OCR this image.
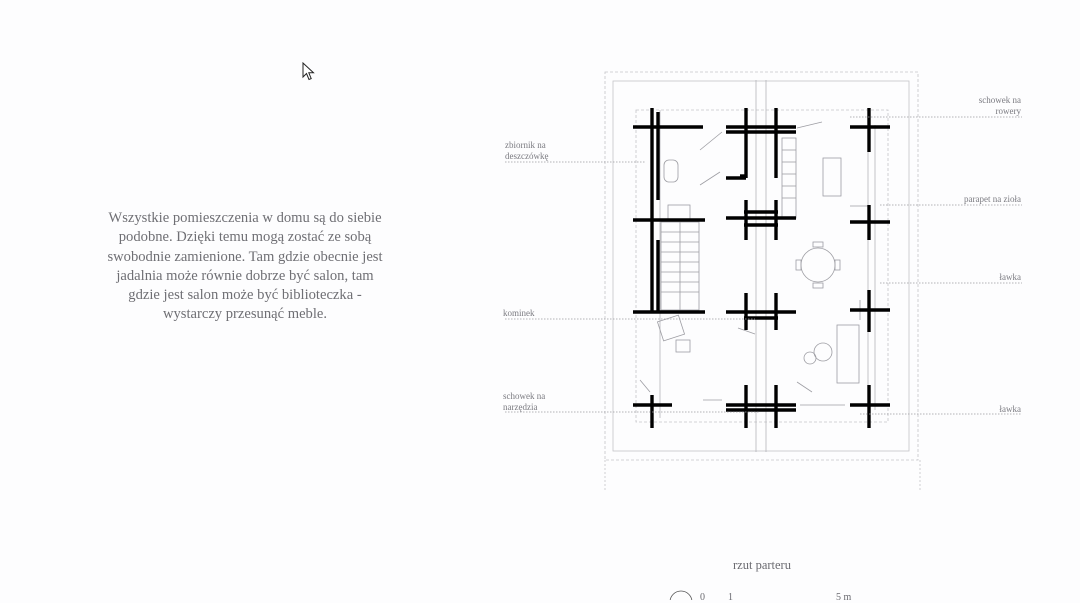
Wszystkie pomieszczenia w domu są do siebie podobne. Dzięki temu mogą zostać ze sobą swobodnie zamienione. Tam gdzie obecnie jest jadalnia może równie dobrze być salon, tam gdzie jest salon może być biblioteczka - wystarczy przesunąć meble.

schowek na
rowery
zbiornik na
deszczówkę
parapet na zioła
ławka
kominek
schowek na
narzędzia	ławka
rzut parteru
0 1	5 m
